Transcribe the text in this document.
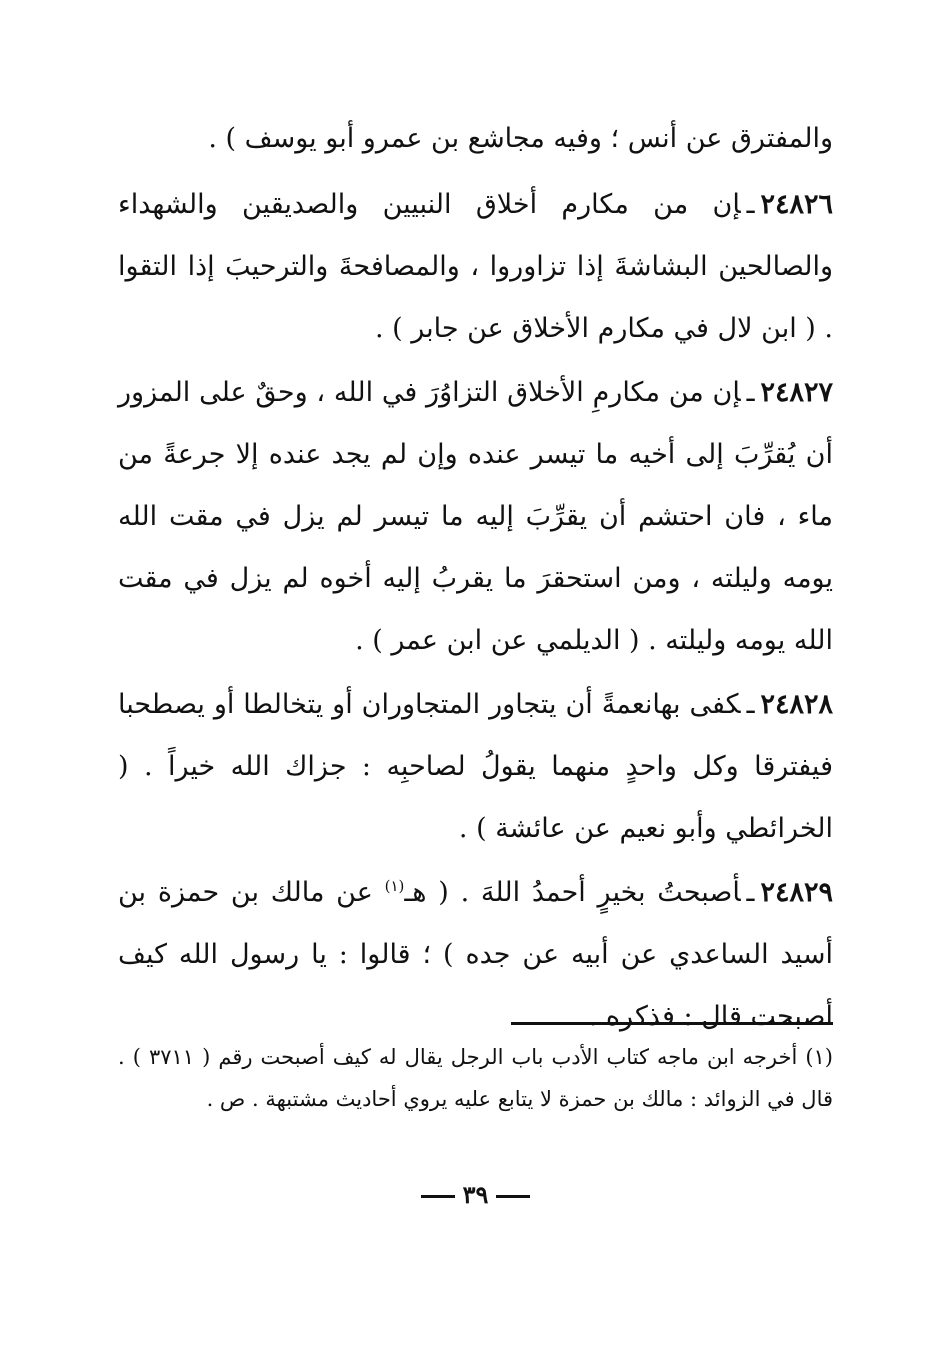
والمفترق عن أنس ؛ وفيه مجاشع بن عمرو أبو يوسف ) .

٢٤٨٢٦ـإن من مكارم أخلاق النبيين والصديقين والشهداء والصالحين البشاشةَ إذا تزاوروا ، والمصافحةَ والترحيبَ إذا التقوا . ( ابن لال في مكارم الأخلاق عن جابر ) .

٢٤٨٢٧ـإن من مكارمِ الأخلاق التزاوُرَ في الله ، وحقٌ على المزور أن يُقرِّبَ إلى أخيه ما تيسر عنده وإن لم يجد عنده إلا جرعةً من ماء ، فان احتشم أن يقرِّبَ إليه ما تيسر لم يزل في مقت الله يومه وليلته ، ومن استحقرَ ما يقربُ إليه أخوه لم يزل في مقت الله يومه وليلته . ( الديلمي عن ابن عمر ) .

٢٤٨٢٨ـكفى بهانعمةً أن يتجاور المتجاوران أو يتخالطا أو يصطحبا فيفترقا وكل واحدٍ منهما يقولُ لصاحبِه : جزاك الله خيراً . ( الخرائطي وأبو نعيم عن عائشة ) .

٢٤٨٢٩ـأصبحتُ بخيرٍ أحمدُ اللهَ . ( هـ$^{(١)}$ عن مالك بن حمزة بن أسيد الساعدي عن أبيه عن جده ) ؛ قالوا : يا رسول الله كيف أصبحت قال : فذكره .

(١)أخرجه ابن ماجه كتاب الأدب باب الرجل يقال له كيف أصبحت رقم ( ٣٧١١ ) . قال في الزوائد : مالك بن حمزة لا يتابع عليه يروي أحاديث مشتبهة . ص .

٣٩
